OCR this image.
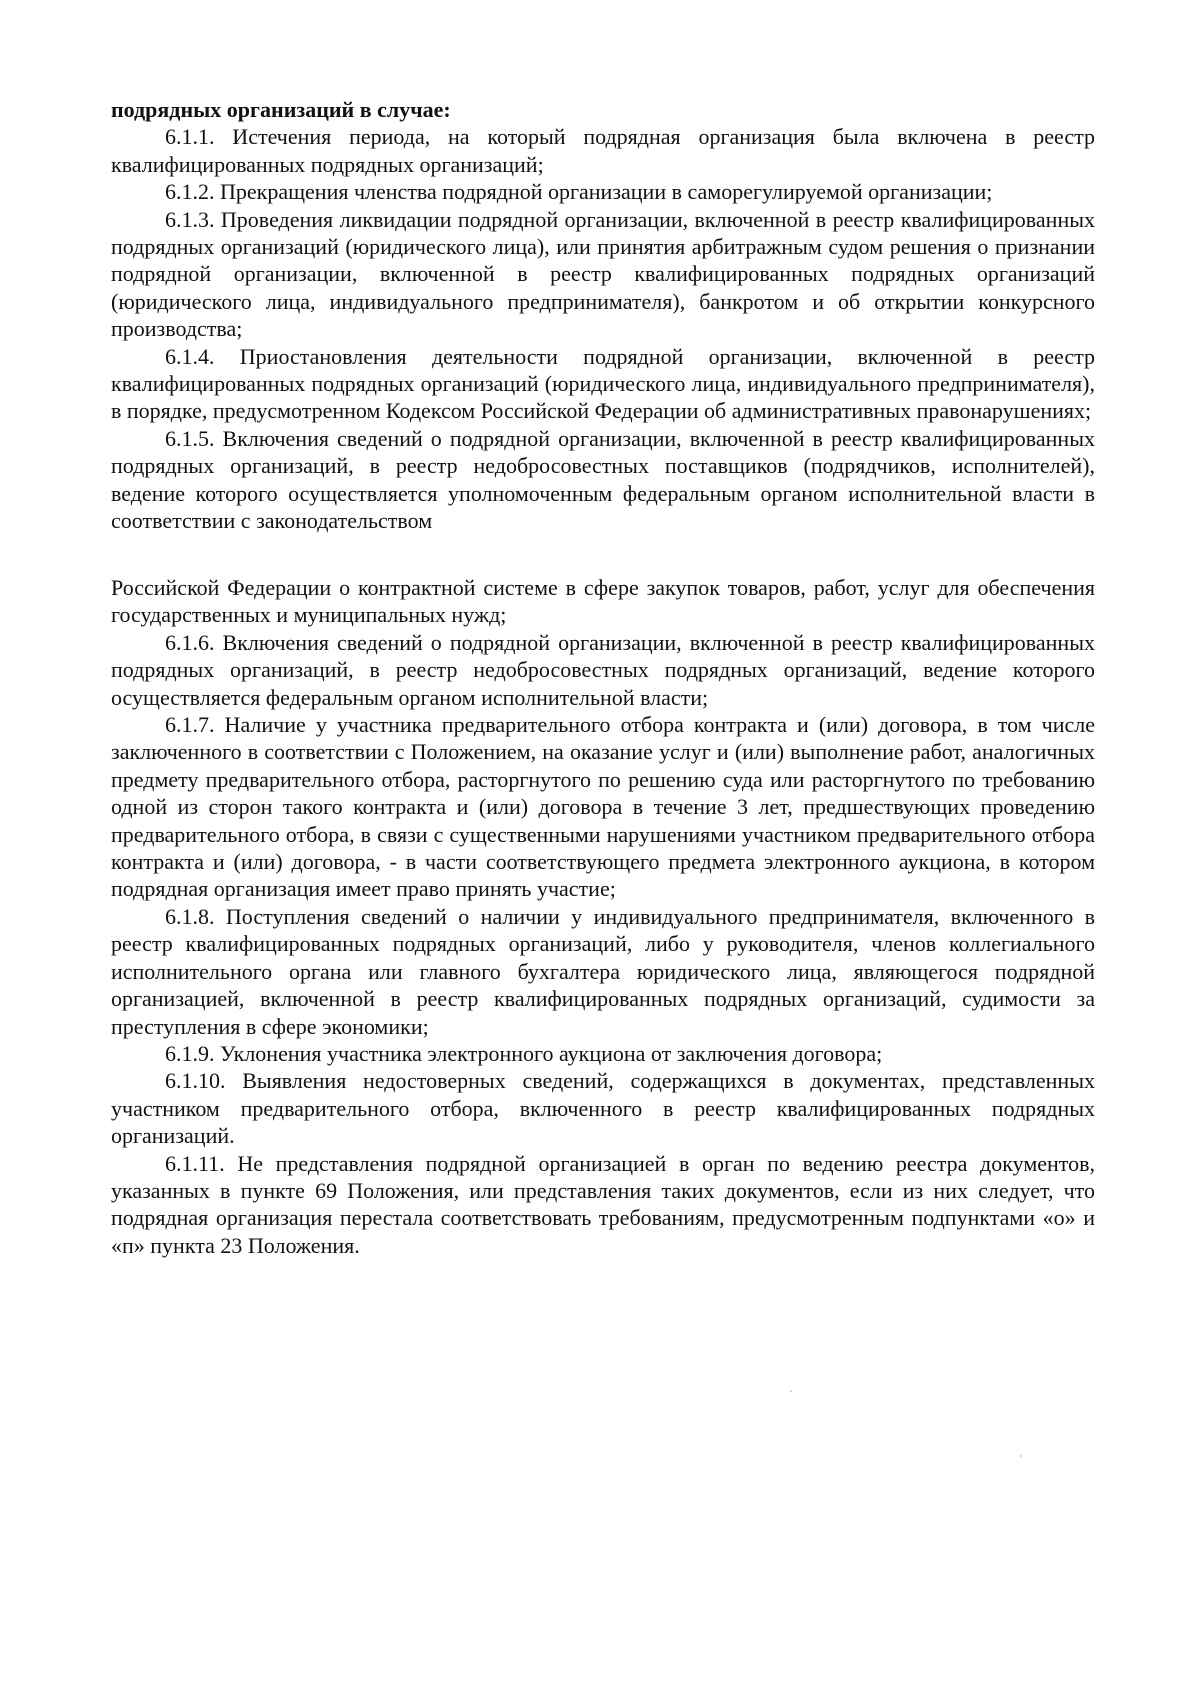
подрядных организаций в случае:

6.1.1. Истечения периода, на который подрядная организация была включена в реестр квалифицированных подрядных организаций;

6.1.2. Прекращения членства подрядной организации в саморегулируемой организации;

6.1.3. Проведения ликвидации подрядной организации, включенной в реестр квалифицированных подрядных организаций (юридического лица), или принятия арбитражным судом решения о признании подрядной организации, включенной в реестр квалифицированных подрядных организаций (юридического лица, индивидуального предпринимателя), банкротом и об открытии конкурсного производства;

6.1.4. Приостановления деятельности подрядной организации, включенной в реестр квалифицированных подрядных организаций (юридического лица, индивидуального предпринимателя), в порядке, предусмотренном Кодексом Российской Федерации об административных правонарушениях;

6.1.5. Включения сведений о подрядной организации, включенной в реестр квалифицированных подрядных организаций, в реестр недобросовестных поставщиков (подрядчиков, исполнителей), ведение которого осуществляется уполномоченным федеральным органом исполнительной власти в соответствии с законодательством

Российской Федерации о контрактной системе в сфере закупок товаров, работ, услуг для обеспечения государственных и муниципальных нужд;

6.1.6. Включения сведений о подрядной организации, включенной в реестр квалифицированных подрядных организаций, в реестр недобросовестных подрядных организаций, ведение которого осуществляется федеральным органом исполнительной власти;

6.1.7. Наличие у участника предварительного отбора контракта и (или) договора, в том числе заключенного в соответствии с Положением, на оказание услуг и (или) выполнение работ, аналогичных предмету предварительного отбора, расторгнутого по решению суда или расторгнутого по требованию одной из сторон такого контракта и (или) договора в течение 3 лет, предшествующих проведению предварительного отбора, в связи с существенными нарушениями участником предварительного отбора контракта и (или) договора, - в части соответствующего предмета электронного аукциона, в котором подрядная организация имеет право принять участие;

6.1.8. Поступления сведений о наличии у индивидуального предпринимателя, включенного в реестр квалифицированных подрядных организаций, либо у руководителя, членов коллегиального исполнительного органа или главного бухгалтера юридического лица, являющегося подрядной организацией, включенной в реестр квалифицированных подрядных организаций, судимости за преступления в сфере экономики;

6.1.9. Уклонения участника электронного аукциона от заключения договора;

6.1.10. Выявления недостоверных сведений, содержащихся в документах, представленных участником предварительного отбора, включенного в реестр квалифицированных подрядных организаций.

6.1.11. Не представления подрядной организацией в орган по ведению реестра документов, указанных в пункте 69 Положения, или представления таких документов, если из них следует, что подрядная организация перестала соответствовать требованиям, предусмотренным подпунктами «о» и «п» пункта 23 Положения.
